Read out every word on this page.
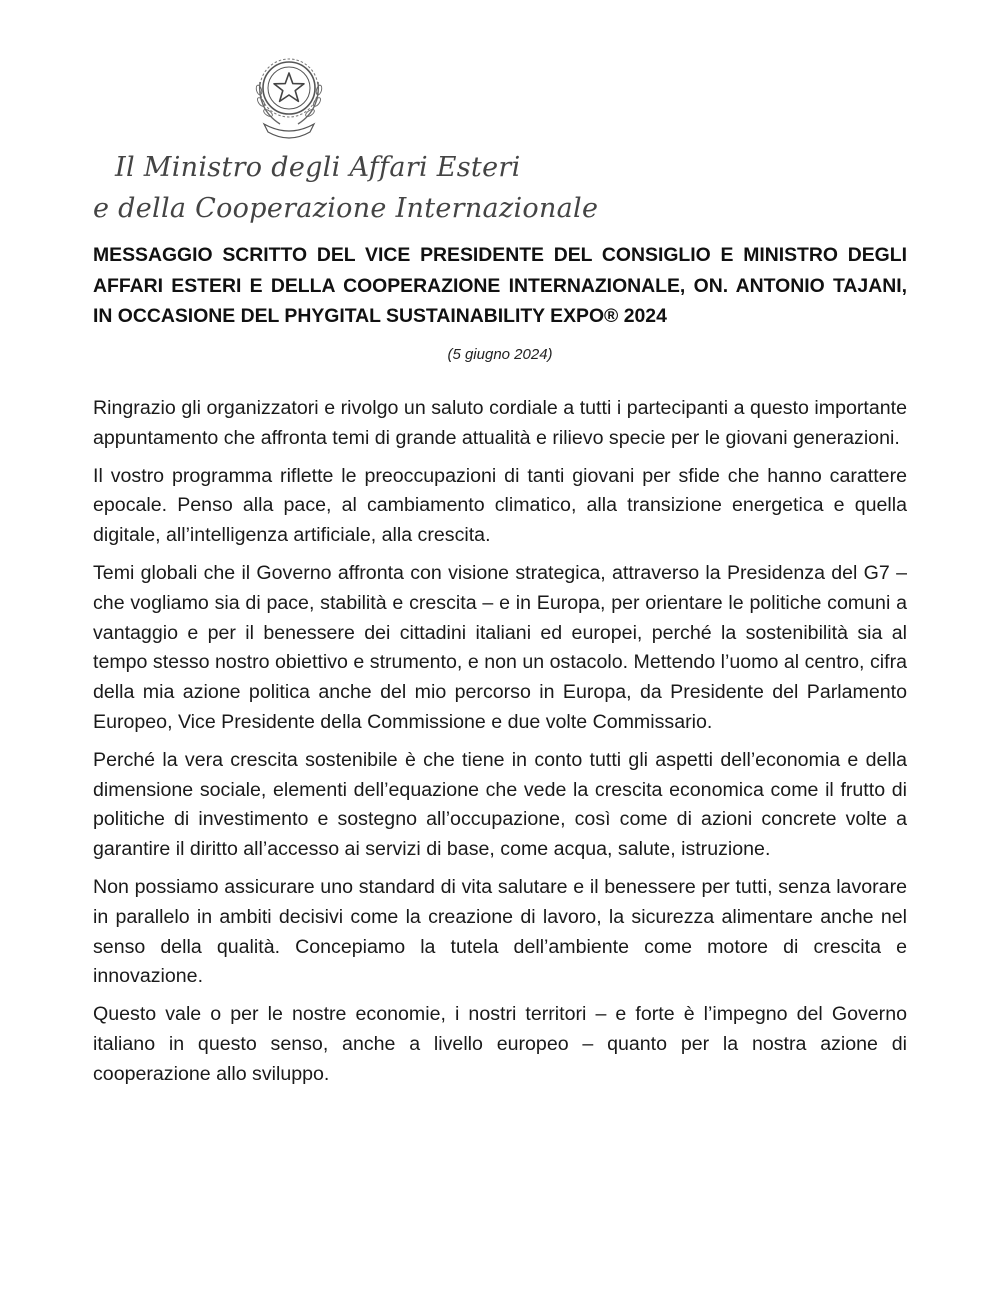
Il Ministro degli Affari Esteri
e della Cooperazione Internazionale
MESSAGGIO SCRITTO DEL VICE PRESIDENTE DEL CONSIGLIO E MINISTRO DEGLI AFFARI ESTERI E DELLA COOPERAZIONE INTERNAZIONALE, ON. ANTONIO TAJANI, IN OCCASIONE DEL PHYGITAL SUSTAINABILITY EXPO® 2024
(5 giugno 2024)

Ringrazio gli organizzatori e rivolgo un saluto cordiale a tutti i partecipanti a questo importante appuntamento che affronta temi di grande attualità e rilievo specie per le giovani generazioni.

Il vostro programma riflette le preoccupazioni di tanti giovani per sfide che hanno carattere epocale. Penso alla pace, al cambiamento climatico, alla transizione energetica e quella digitale, all’intelligenza artificiale, alla crescita.

Temi globali che il Governo affronta con visione strategica, attraverso la Presidenza del G7 – che vogliamo sia di pace, stabilità e crescita – e in Europa, per orientare le politiche comuni a vantaggio e per il benessere dei cittadini italiani ed europei, perché la sostenibilità sia al tempo stesso nostro obiettivo e strumento, e non un ostacolo. Mettendo l’uomo al centro, cifra della mia azione politica anche del mio percorso in Europa, da Presidente del Parlamento Europeo, Vice Presidente della Commissione e due volte Commissario.

Perché la vera crescita sostenibile è che tiene in conto tutti gli aspetti dell’economia e della dimensione sociale, elementi dell’equazione che vede la crescita economica come il frutto di politiche di investimento e sostegno all’occupazione, così come di azioni concrete volte a garantire il diritto all’accesso ai servizi di base, come acqua, salute, istruzione.

Non possiamo assicurare uno standard di vita salutare e il benessere per tutti, senza lavorare in parallelo in ambiti decisivi come la creazione di lavoro, la sicurezza alimentare anche nel senso della qualità. Concepiamo la tutela dell’ambiente come motore di crescita e innovazione.

Questo vale o per le nostre economie, i nostri territori – e forte è l’impegno del Governo italiano in questo senso, anche a livello europeo – quanto per la nostra azione di cooperazione allo sviluppo.
